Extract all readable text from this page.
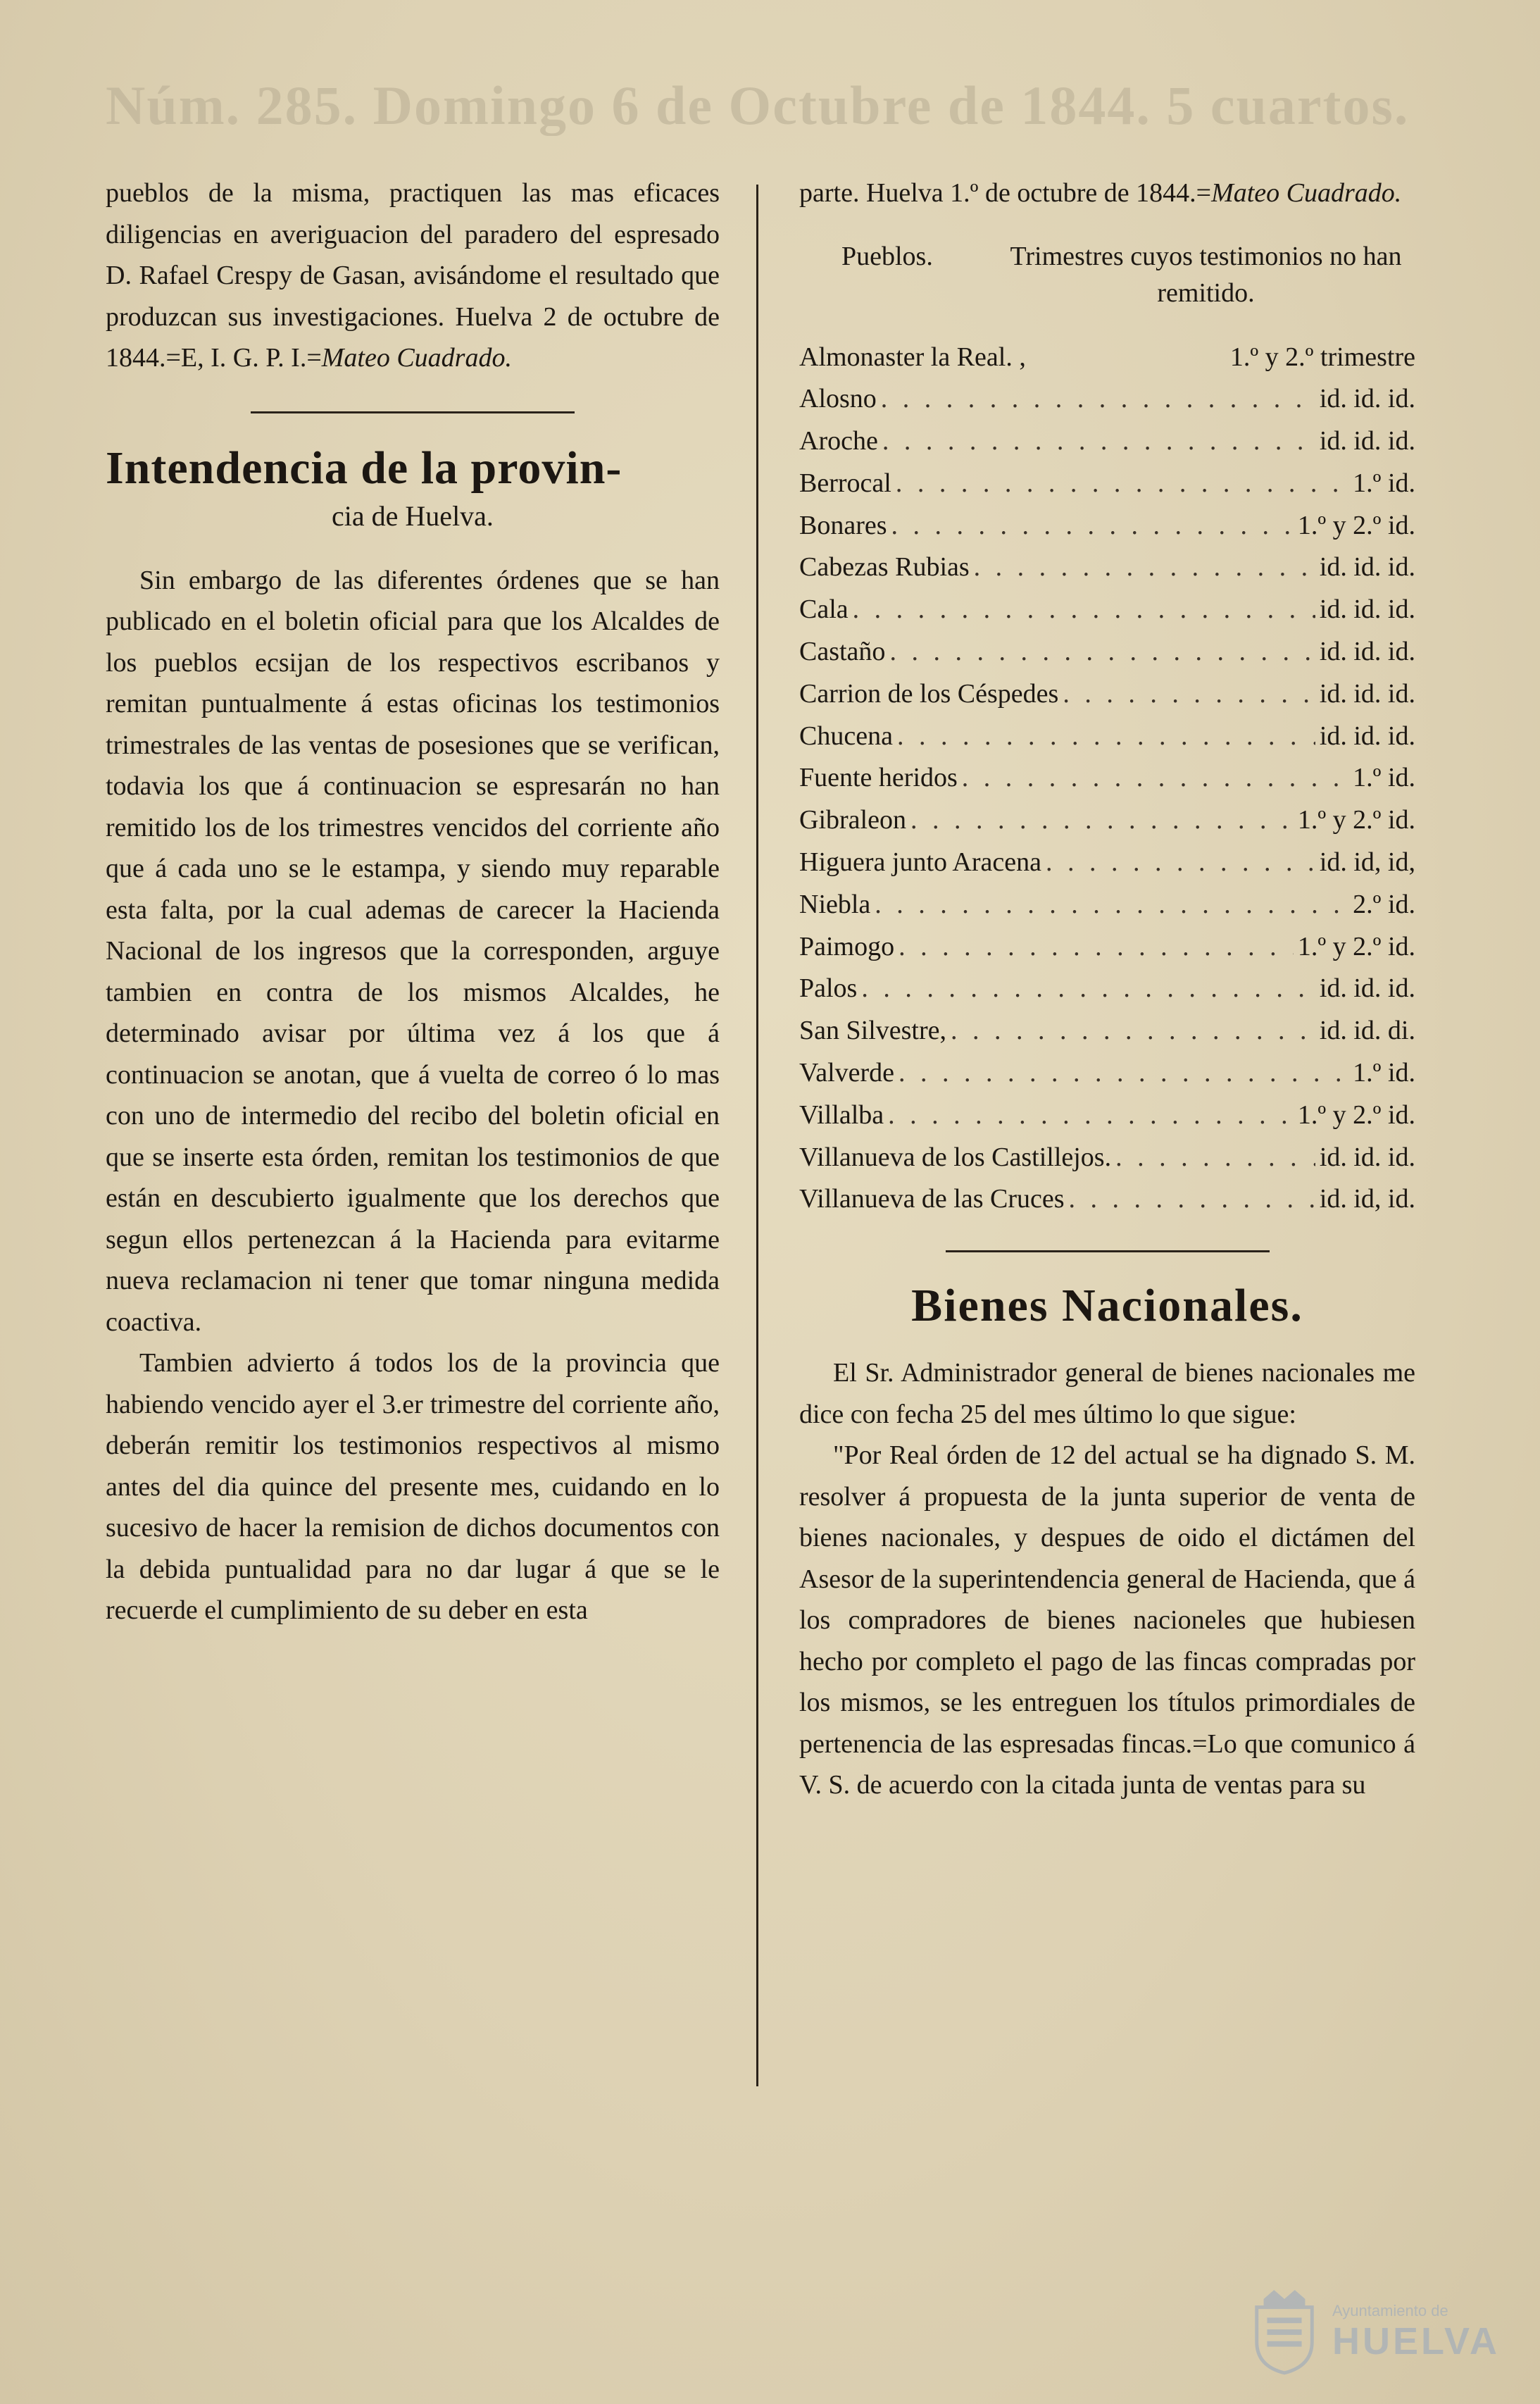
Núm. 285. Domingo 6 de Octubre de 1844. 5 cuartos.

pueblos de la misma, practiquen las mas eficaces diligencias en averiguacion del paradero del espresado D. Rafael Crespy de Gasan, avisándome el resultado que produzcan sus investigaciones. Huelva 2 de octubre de 1844.=E, I. G. P. I.=Mateo Cuadrado.

Intendencia de la provin-
cia de Huelva.

Sin embargo de las diferentes órdenes que se han publicado en el boletin oficial para que los Alcaldes de los pueblos ecsijan de los respectivos escribanos y remitan puntualmente á estas oficinas los testimonios trimestrales de las ventas de posesiones que se verifican, todavia los que á continuacion se espresarán no han remitido los de los trimestres vencidos del corriente año que á cada uno se le estampa, y siendo muy reparable esta falta, por la cual ademas de carecer la Hacienda Nacional de los ingresos que la corresponden, arguye tambien en contra de los mismos Alcaldes, he determinado avisar por última vez á los que á continuacion se anotan, que á vuelta de correo ó lo mas con uno de intermedio del recibo del boletin oficial en que se inserte esta órden, remitan los testimonios de que están en descubierto igualmente que los derechos que segun ellos pertenezcan á la Hacienda para evitarme nueva reclamacion ni tener que tomar ninguna medida coactiva.

Tambien advierto á todos los de la provincia que habiendo vencido ayer el 3.er trimestre del corriente año, deberán remitir los testimonios respectivos al mismo antes del dia quince del presente mes, cuidando en lo sucesivo de hacer la remision de dichos documentos con la debida puntualidad para no dar lugar á que se le recuerde el cumplimiento de su deber en esta

parte. Huelva 1.º de octubre de 1844.=Mateo Cuadrado.

Pueblos.	Trimestres cuyos testimonios no han remitido.
Almonaster la Real. ,	1.º y 2.º trimestre
Alosno . . .	id. id. id.
Aroche . . .	id. id. id.
Berrocal . . .	1.º id.
Bonares . . .	1.º y 2.º id.
Cabezas Rubias . . .	id. id. id.
Cala . . .	id. id. id.
Castaño . . .	id. id. id.
Carrion de los Céspedes . . .	id. id. id.
Chucena . . .	id. id. id.
Fuente heridos . . .	1.º id.
Gibraleon . . .	1.º y 2.º id.
Higuera junto Aracena . . .	id. id, id,
Niebla . . .	2.º id.
Paimogo . . .	1.º y 2.º id.
Palos . . .	id. id. id.
San Silvestre, . . .	id. id. di.
Valverde . . .	1.º id.
Villalba . . .	1.º y 2.º id.
Villanueva de los Castillejos. . . .	id. id. id.
Villanueva de las Cruces . . .	id. id, id.
Bienes Nacionales.

El Sr. Administrador general de bienes nacionales me dice con fecha 25 del mes último lo que sigue:

"Por Real órden de 12 del actual se ha dignado S. M. resolver á propuesta de la junta superior de venta de bienes nacionales, y despues de oido el dictámen del Asesor de la superintendencia general de Hacienda, que á los compradores de bienes nacioneles que hubiesen hecho por completo el pago de las fincas compradas por los mismos, se les entreguen los títulos primordiales de pertenencia de las espresadas fincas.=Lo que comunico á V. S. de acuerdo con la citada junta de ventas para su

Ayuntamiento de
HUELVA
